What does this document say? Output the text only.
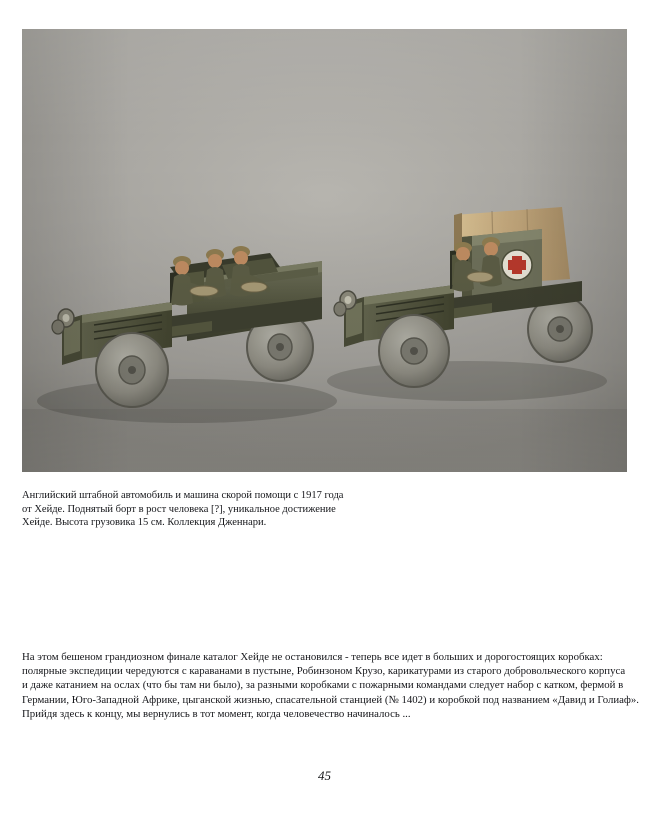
Английский штабной автомобиль и машина скорой помощи с 1917 года
от Хейде. Поднятый борт в рост человека [?], уникальное достижение
Хейде. Высота грузовика 15 см. Коллекция Дженнари.
На этом бешеном грандиозном финале каталог Хейде не остановился - теперь все идет в больших и дорогостоящих коробках:
полярные экспедиции чередуются с караванами в пустыне, Робинзоном Крузо, карикатурами из старого добровольческого корпуса
и даже катанием на ослах (что бы там ни было), за разными коробками с пожарными командами следует набор с катком, фермой в
Германии, Юго-Западной Африке, цыганской жизнью, спасательной станцией (№ 1402) и коробкой под названием «Давид и Голиаф».
Прийдя здесь к концу, мы вернулись в тот момент, когда человечество начиналось ...
45
